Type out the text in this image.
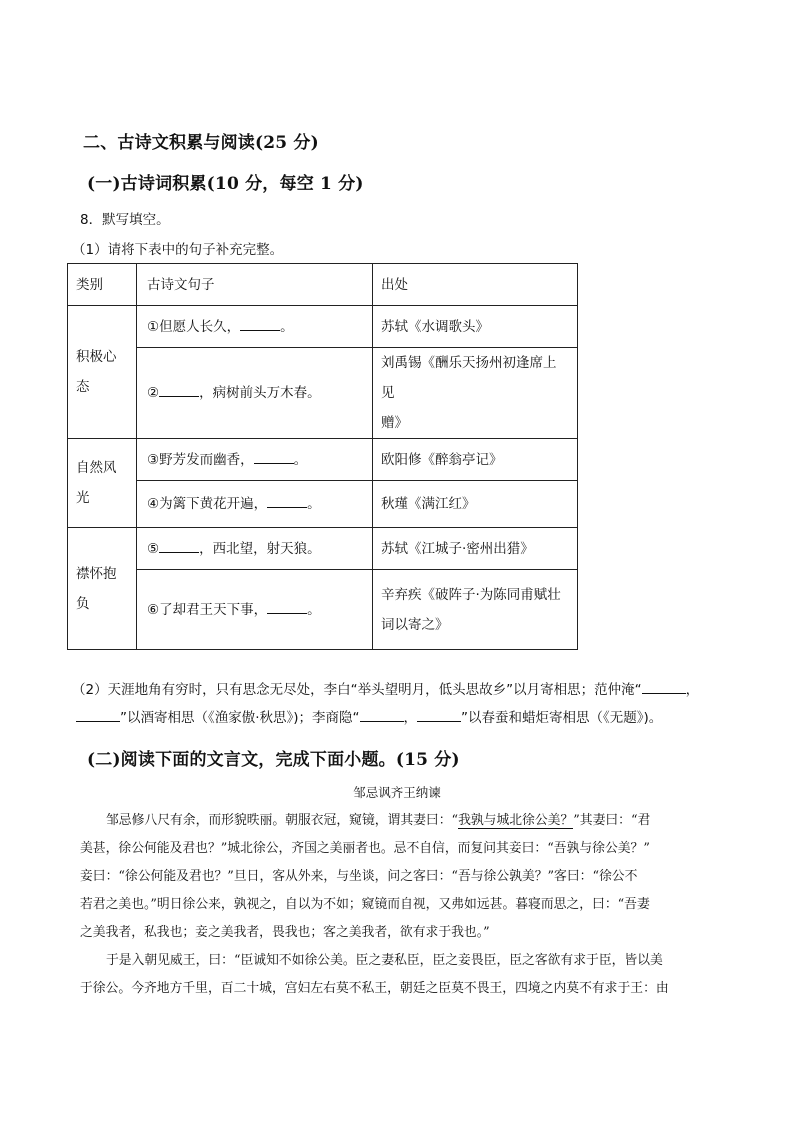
二、古诗文积累与阅读(25 分)
(一)古诗词积累(10 分，每空 1 分)
8．默写填空。
（1）请将下表中的句子补充完整。
类别	古诗文句子	出处

积极心
态	①但愿人长久， 。	苏轼《水调歌头》

	② ，病树前头万木春。	刘禹锡《酬乐天扬州初逢席上见
赠》

自然风
光	③野芳发而幽香， 。	欧阳修《醉翁亭记》

	④为篱下黄花开遍， 。	秋瑾《满江红》

襟怀抱
负	⑤ ，西北望，射天狼。	苏轼《江城子·密州出猎》

	⑥了却君王天下事， 。	辛弃疾《破阵子·为陈同甫赋壮
词以寄之》
（2）天涯地角有穷时，只有思念无尽处，李白“举头望明月，低头思故乡”以月寄相思；范仲淹“	，
”以酒寄相思（《渔家傲·秋思》)；李商隐“	，	”以春蚕和蜡炬寄相思（《无题》)。
(二)阅读下面的文言文，完成下面小题。(15 分)
邹忌讽齐王纳谏
邹忌修八尺有余，而形貌昳丽。朝服衣冠，窥镜，谓其妻曰：“我孰与城北徐公美？”其妻曰：“君
美甚，徐公何能及君也？”城北徐公，齐国之美丽者也。忌不自信，而复问其妾曰：“吾孰与徐公美？”
妾曰：“徐公何能及君也？”旦日，客从外来，与坐谈，问之客曰：“吾与徐公孰美？”客曰：“徐公不
若君之美也。”明日徐公来，孰视之，自以为不如；窥镜而自视，又弗如远甚。暮寝而思之，曰：“吾妻
之美我者，私我也；妾之美我者，畏我也；客之美我者，欲有求于我也。”
于是入朝见威王，曰：“臣诚知不如徐公美。臣之妻私臣，臣之妾畏臣，臣之客欲有求于臣，皆以美
于徐公。今齐地方千里，百二十城，宫妇左右莫不私王，朝廷之臣莫不畏王，四境之内莫不有求于王：由
